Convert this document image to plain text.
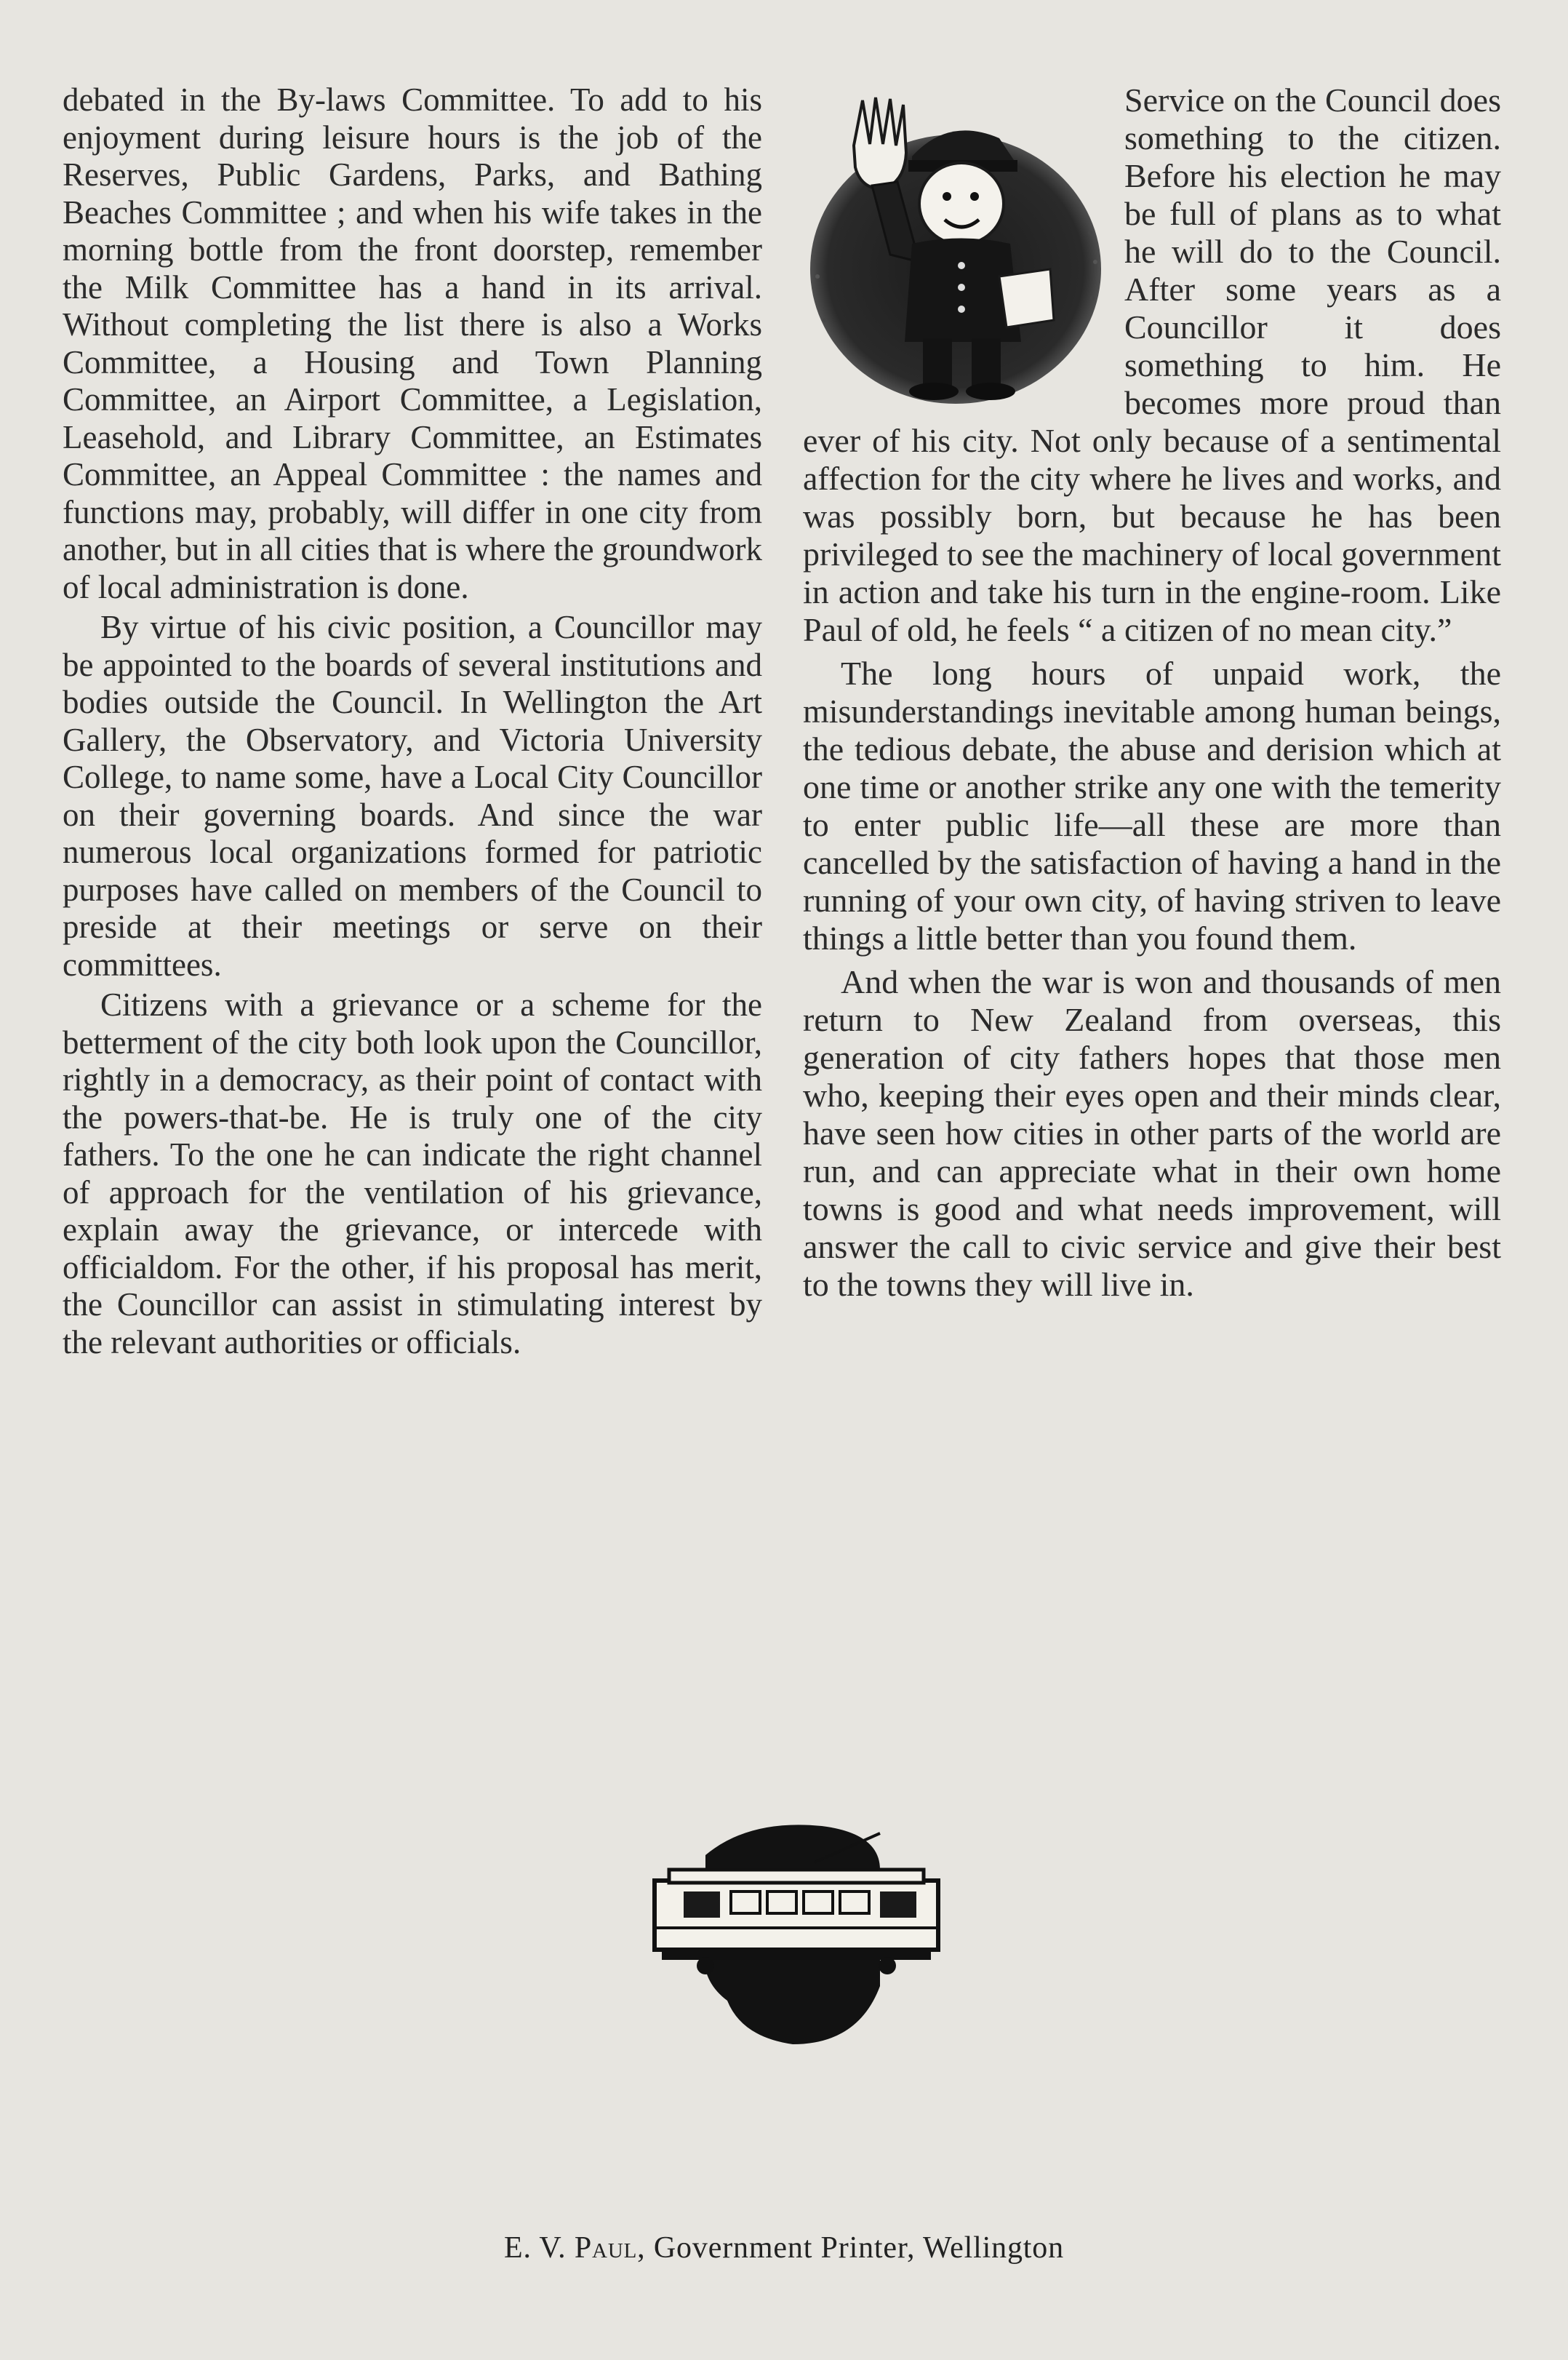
debated in the By-laws Committee. To add to his enjoyment during leisure hours is the job of the Reserves, Public Gardens, Parks, and Bathing Beaches Committee ; and when his wife takes in the morning bottle from the front doorstep, remember the Milk Committee has a hand in its arrival. Without completing the list there is also a Works Committee, a Housing and Town Planning Committee, an Airport Committee, a Legislation, Leasehold, and Library Committee, an Estimates Committee, an Appeal Committee : the names and functions may, probably, will differ in one city from another, but in all cities that is where the groundwork of local administration is done.

By virtue of his civic position, a Councillor may be appointed to the boards of several institutions and bodies outside the Council. In Wellington the Art Gallery, the Observatory, and Victoria University College, to name some, have a Local City Councillor on their governing boards. And since the war numerous local organizations formed for patriotic purposes have called on members of the Council to preside at their meetings or serve on their committees.

Citizens with a grievance or a scheme for the betterment of the city both look upon the Councillor, rightly in a democracy, as their point of contact with the powers-that-be. He is truly one of the city fathers. To the one he can indicate the right channel of approach for the ventilation of his grievance, explain away the grievance, or intercede with officialdom. For the other, if his proposal has merit, the Councillor can assist in stimulating interest by the relevant authorities or officials.

Service on the Council does something to the citizen. Before his election he may be full of plans as to what he will do to the Council. After some years as a Councillor it does something to him. He becomes more proud than ever of his city. Not only because of a sentimental affection for the city where he lives and works, and was possibly born, but because he has been privileged to see the machinery of local government in action and take his turn in the engine-room. Like Paul of old, he feels “ a citizen of no mean city.”

The long hours of unpaid work, the misunderstandings inevitable among human beings, the tedious debate, the abuse and derision which at one time or another strike any one with the temerity to enter public life—all these are more than cancelled by the satisfaction of having a hand in the running of your own city, of having striven to leave things a little better than you found them.

And when the war is won and thousands of men return to New Zealand from overseas, this generation of city fathers hopes that those men who, keeping their eyes open and their minds clear, have seen how cities in other parts of the world are run, and can appreciate what in their own home towns is good and what needs improvement, will answer the call to civic service and give their best to the towns they will live in.

E. V. Paul, Government Printer, Wellington
